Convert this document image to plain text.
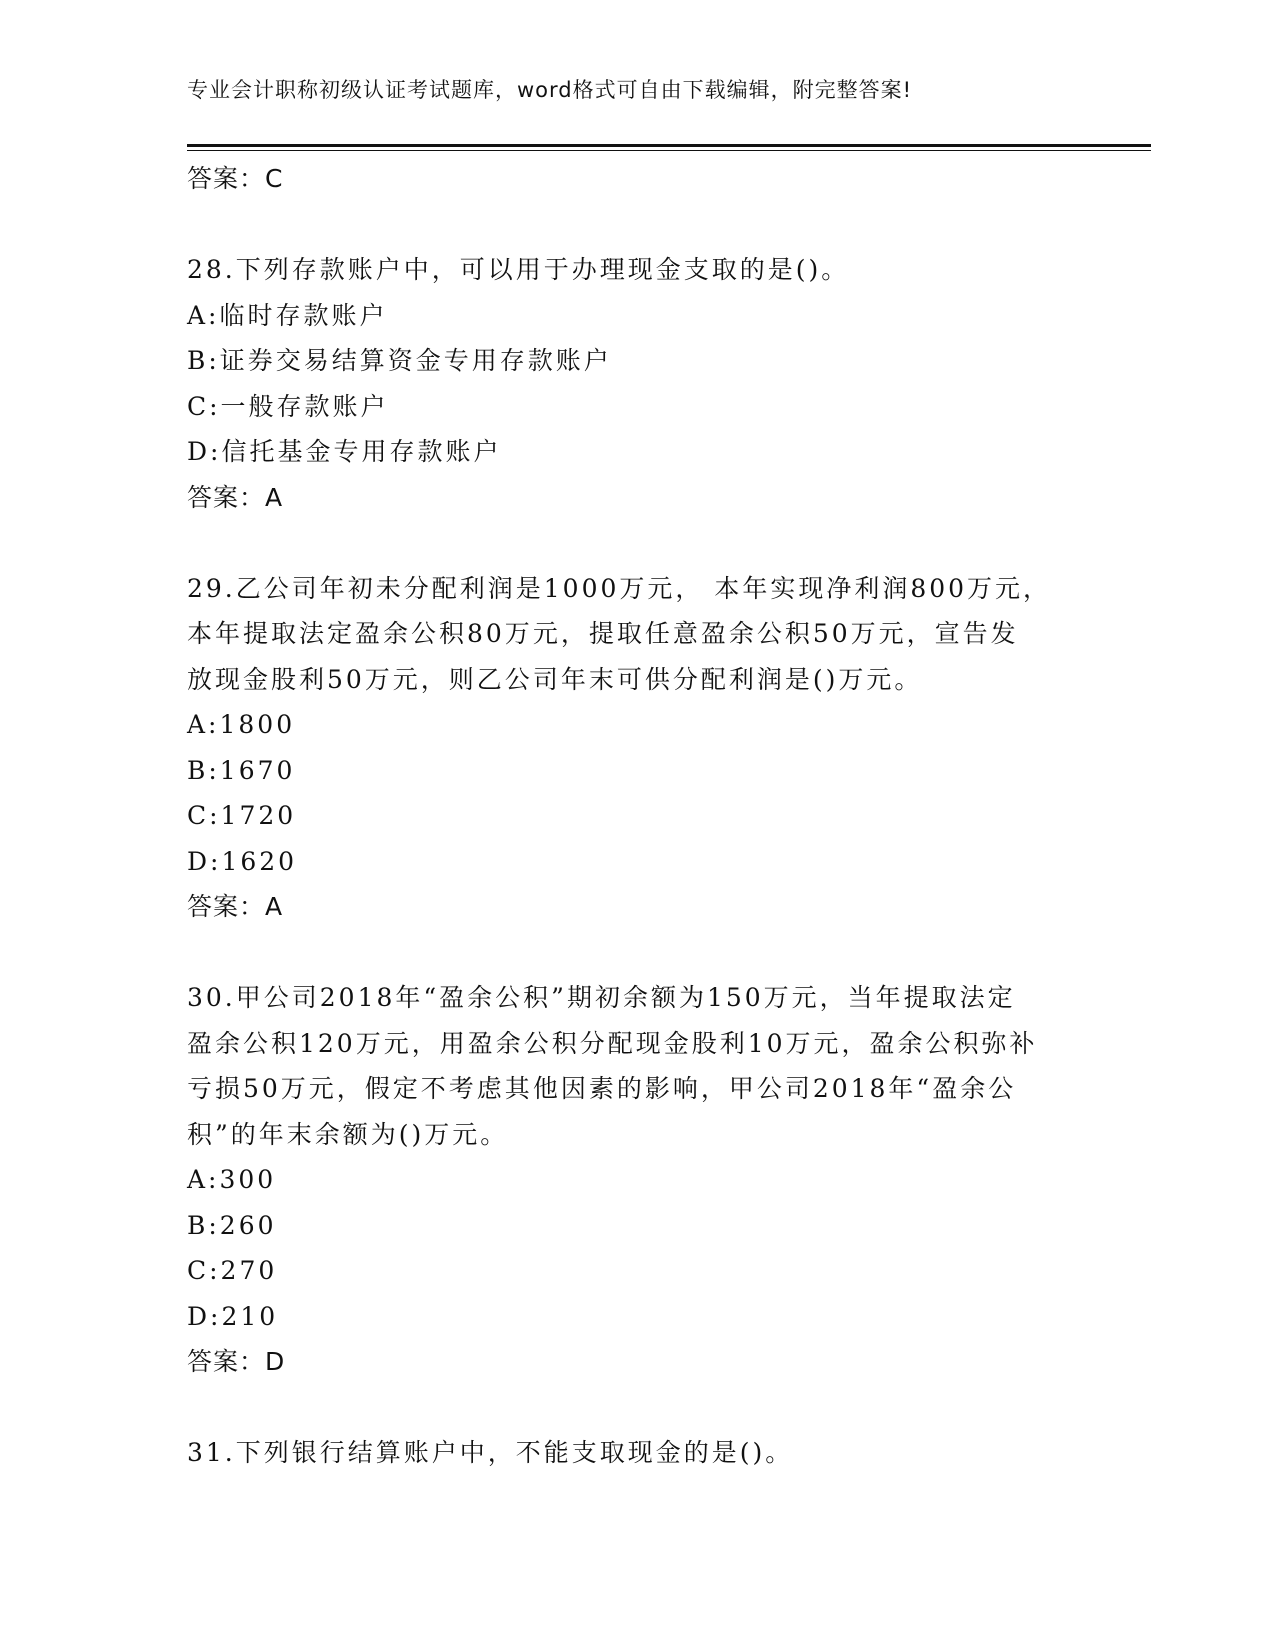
专业会计职称初级认证考试题库，word格式可自由下载编辑，附完整答案!
答案：C
28.下列存款账户中，可以用于办理现金支取的是()。
A:临时存款账户
B:证券交易结算资金专用存款账户
C:一般存款账户
D:信托基金专用存款账户
答案：A
29.乙公司年初未分配利润是1000万元， 本年实现净利润800万元，
本年提取法定盈余公积80万元，提取任意盈余公积50万元，宣告发
放现金股利50万元，则乙公司年末可供分配利润是()万元。
A:1800
B:1670
C:1720
D:1620
答案：A
30.甲公司2018年“盈余公积”期初余额为150万元，当年提取法定
盈余公积120万元，用盈余公积分配现金股利10万元，盈余公积弥补
亏损50万元，假定不考虑其他因素的影响，甲公司2018年“盈余公
积”的年末余额为()万元。
A:300
B:260
C:270
D:210
答案：D
31.下列银行结算账户中，不能支取现金的是()。
